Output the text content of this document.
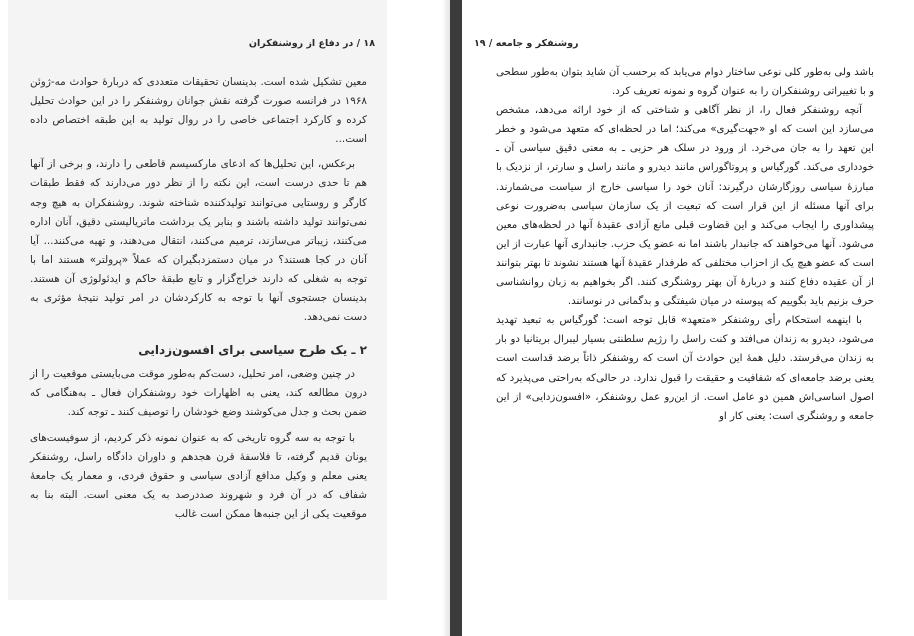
۱۸ / در دفاع از روشنفکران

معین تشکیل شده است. بدینسان تحقیقات متعددی که دربارهٔ حوادث مه-ژوئن ۱۹۶۸ در فرانسه صورت گرفته نقش جوانان روشنفکر را در این حوادث تحلیل کرده و کارکرد اجتماعی خاصی را در روال تولید به این طبقه اختصاص داده است...

برعکس، این تحلیل‌ها که ادعای مارکسیسم قاطعی را دارند، و برخی از آنها هم تا حدی درست است، این نکته را از نظر دور می‌دارند که فقط طبقات کارگر و روستایی می‌توانند تولیدکننده شناخته شوند. روشنفکران به هیچ وجه نمی‌توانند تولید داشته باشند و بنابر یک برداشت ماتریالیستی دقیق، آنان اداره می‌کنند، زیباتر می‌سازند، ترمیم می‌کنند، انتقال می‌دهند، و تهیه می‌کنند... آیا آنان در کجا هستند؟ در میان دستمزدبگیران که عملاً «پرولتر» هستند اما با توجه به شغلی که دارند خراج‌گزار و تابع طبقهٔ حاکم و ایدئولوژی آن هستند. بدینسان جستجوی آنها با توجه به کارکردشان در امر تولید نتیجهٔ مؤثری به دست نمی‌دهد.

۲ ـ یک طرح سیاسی برای افسون‌زدایی

در چنین وضعی، امر تحلیل، دست‌کم به‌طور موقت می‌بایستی موقعیت را از درون مطالعه کند، یعنی به اظهارات خود روشنفکران فعال ـ به‌هنگامی که ضمن بحث و جدل می‌کوشند وضع خودشان را توصیف کنند ـ توجه کند.

با توجه به سه گروه تاریخی که به عنوان نمونه ذکر کردیم، از سوفیست‌های یونان قدیم گرفته، تا فلاسفهٔ قرن هجدهم و داوران دادگاه راسل، روشنفکر یعنی معلم و وکیل مدافع آزادی سیاسی و حقوق فردی، و معمار یک جامعهٔ شفاف که در آن فرد و شهروند صددرصد به یک معنی است. البته بنا به موقعیت یکی از این جنبه‌ها ممکن است غالب

روشنفکر و جامعه / ۱۹

باشد ولی به‌طور کلی نوعی ساختار دوام می‌یابد که برحسب آن شاید بتوان به‌طور سطحی و با تغییراتی روشنفکران را به عنوان گروه و نمونه تعریف کرد.

آنچه روشنفکر فعال را، از نظر آگاهی و شناختی که از خود ارائه می‌دهد، مشخص می‌سازد این است که او «جهت‌گیری» می‌کند؛ اما در لحظه‌ای که متعهد می‌شود و خطر این تعهد را به جان می‌خرد. از ورود در سلک هر حزبی ـ به معنی دقیق سیاسی آن ـ خودداری می‌کند. گورگیاس و پروتاگوراس مانند دیدرو و مانند راسل و سارتر، از نزدیک با مبارزهٔ سیاسی روزگارشان درگیرند: آنان خود را سیاسی خارج از سیاست می‌شمارند. برای آنها مسئله از این قرار است که تبعیت از یک سازمان سیاسی به‌ضرورت نوعی پیشداوری را ایجاب می‌کند و این قضاوت قبلی مانع آزادی عقیدهٔ آنها در لحظه‌های معین می‌شود. آنها می‌خواهند که جانبدار باشند اما نه عضو یک حزب. جانبداری آنها عبارت از این است که عضو هیچ یک از احزاب مختلفی که طرفدار عقیدهٔ آنها هستند نشوند تا بهتر بتوانند از آن عقیده دفاع کنند و دربارهٔ آن بهتر روشنگری کنند. اگر بخواهیم به زبان روانشناسی حرف بزنیم باید بگوییم که پیوسته در میان شیفتگی و بدگمانی در نوسانند.

با اینهمه استحکام رأی روشنفکر «متعهد» قابل توجه است: گورگیاس به تبعید تهدید می‌شود، دیدرو به زندان می‌افتد و کنت راسل را رژیم سلطنتی بسیار لیبرال بریتانیا دو بار به زندان می‌فرستد. دلیل همهٔ این حوادث آن است که روشنفکر ذاتاً برضد قداست است یعنی برضد جامعه‌ای که شفافیت و حقیقت را قبول ندارد. در حالی‌که به‌راحتی می‌پذیرد که اصول اساسی‌اش همین دو عامل است. از این‌رو عمل روشنفکر، «افسون‌زدایی» از این جامعه و روشنگری است: یعنی کار او
